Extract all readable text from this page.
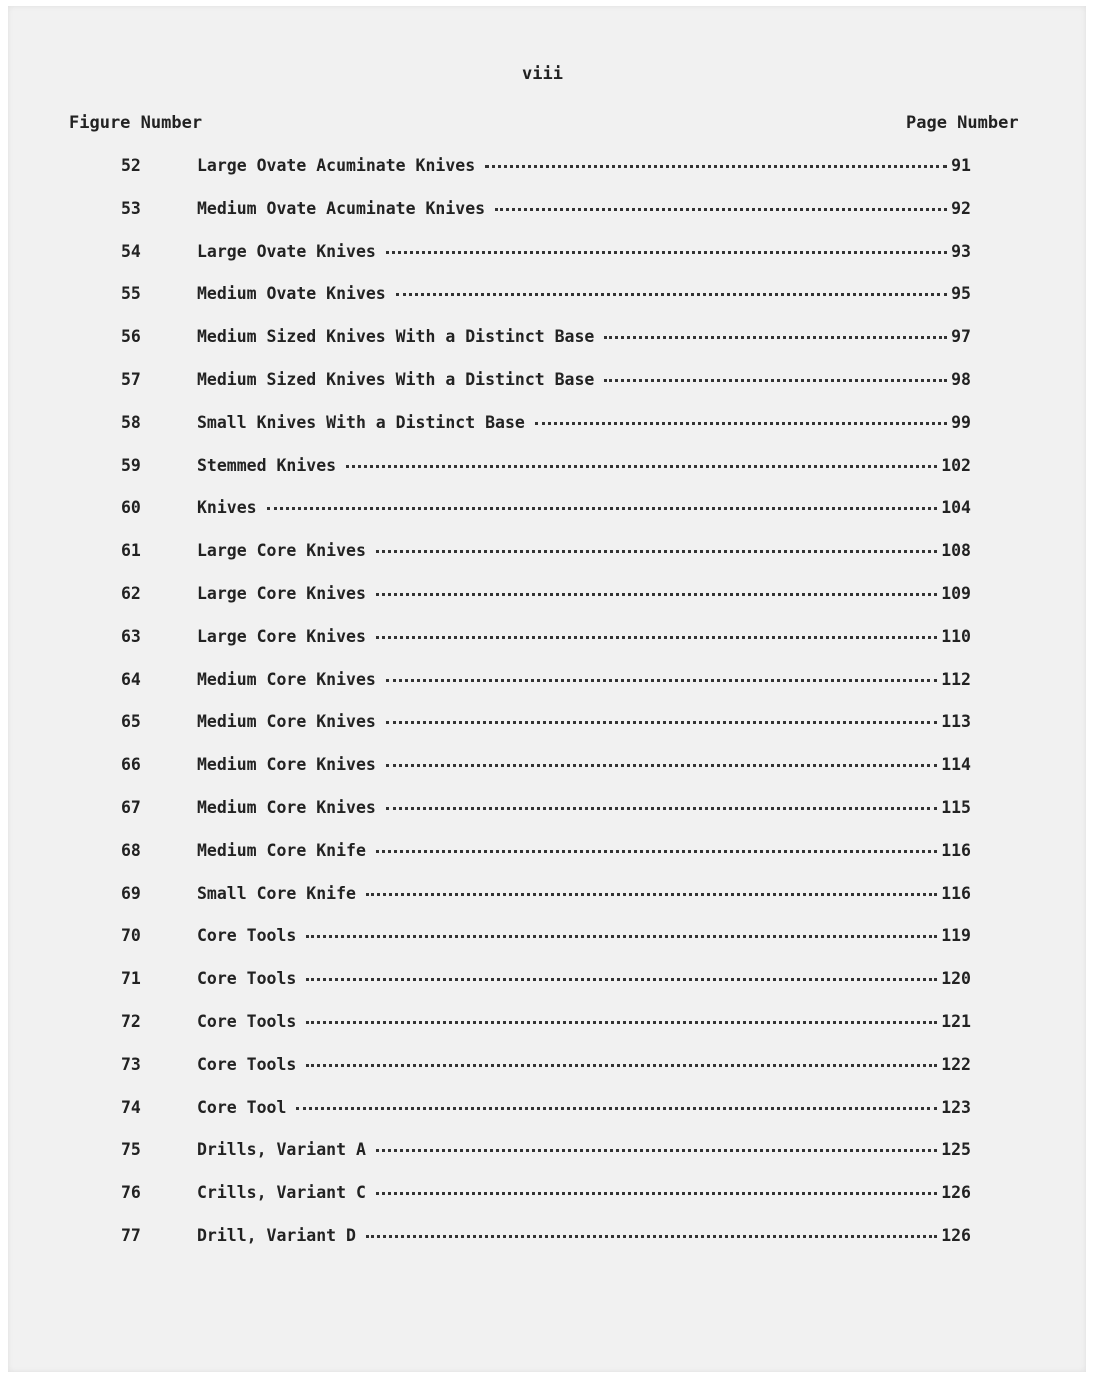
viii
Figure Number	Page Number
52	Large Ovate Acuminate Knives	91
53	Medium Ovate Acuminate Knives	92
54	Large Ovate Knives	93
55	Medium Ovate Knives	95
56	Medium Sized Knives With a Distinct Base	97
57	Medium Sized Knives With a Distinct Base	98
58	Small Knives With a Distinct Base	99
59	Stemmed Knives	102
60	Knives	104
61	Large Core Knives	108
62	Large Core Knives	109
63	Large Core Knives	110
64	Medium Core Knives	112
65	Medium Core Knives	113
66	Medium Core Knives	114
67	Medium Core Knives	115
68	Medium Core Knife	116
69	Small Core Knife	116
70	Core Tools	119
71	Core Tools	120
72	Core Tools	121
73	Core Tools	122
74	Core Tool	123
75	Drills, Variant A	125
76	Crills, Variant C	126
77	Drill, Variant D	126
